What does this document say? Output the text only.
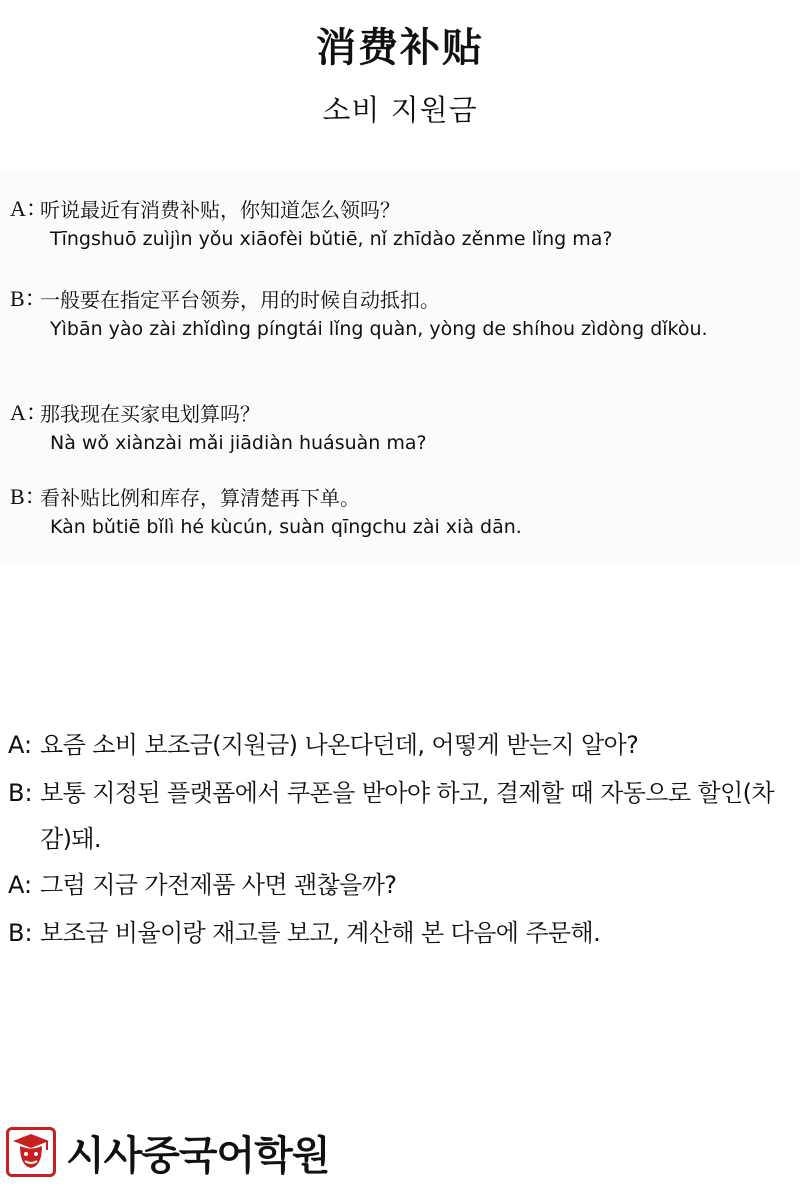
消费补贴
소비 지원금
A：
听说最近有消费补贴，你知道怎么领吗？
Tīngshuō zuìjìn yǒu xiāofèi bǔtiē, nǐ zhīdào zěnme lǐng ma?
B：
一般要在指定平台领券，用的时候自动抵扣。
Yìbān yào zài zhǐdìng píngtái lǐng quàn, yòng de shíhou zìdòng dǐkòu.
A：
那我现在买家电划算吗？
Nà wǒ xiànzài mǎi jiādiàn huásuàn ma?
B：
看补贴比例和库存，算清楚再下单。
Kàn bǔtiē bǐlì hé kùcún, suàn qīngchu zài xià dān.
A: 요즘 소비 보조금(지원금) 나온다던데, 어떻게 받는지 알아?
B: 보통 지정된 플랫폼에서 쿠폰을 받아야 하고, 결제할 때 자동으로 할인(차감)돼.
A: 그럼 지금 가전제품 사면 괜찮을까?
B: 보조금 비율이랑 재고를 보고, 계산해 본 다음에 주문해.
시사중국어학원
